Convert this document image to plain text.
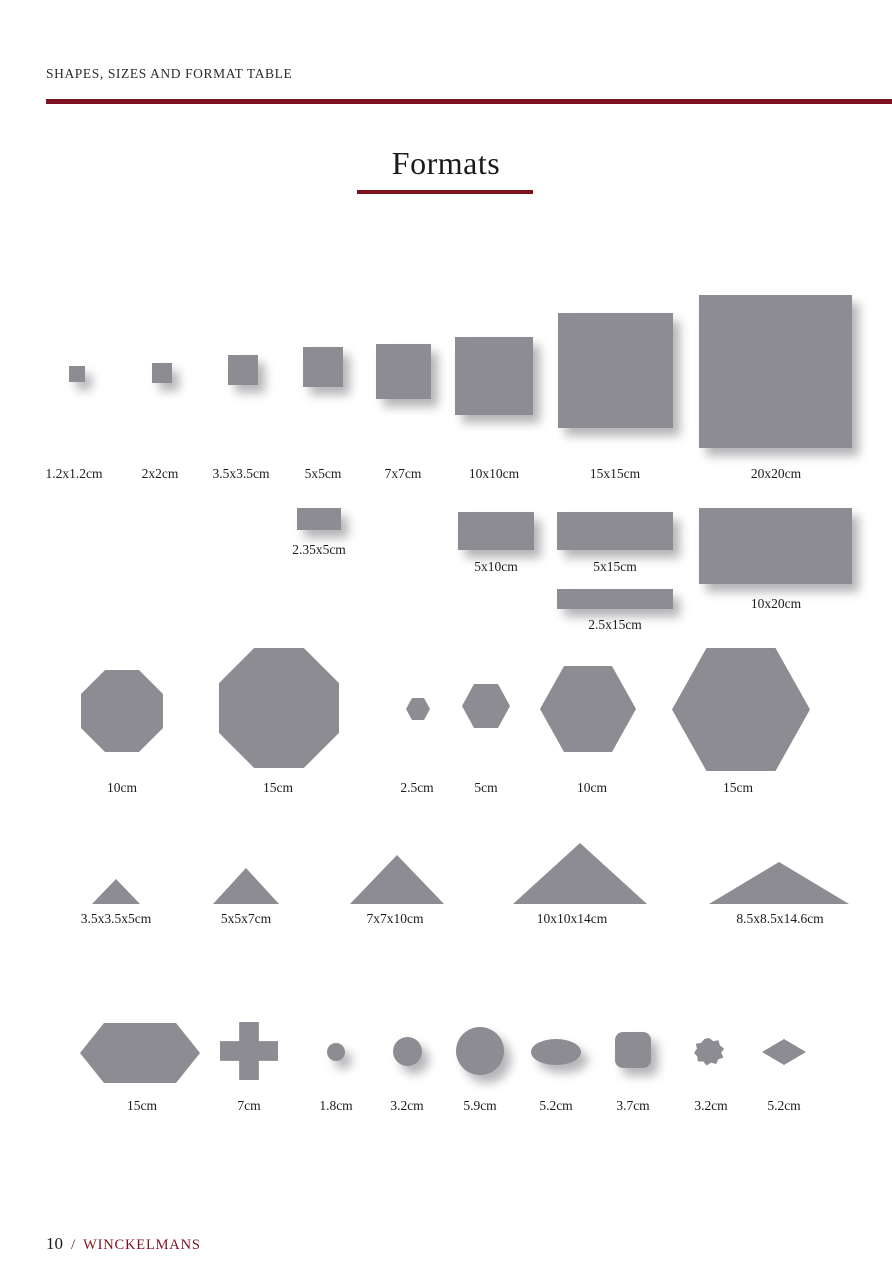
SHAPES, SIZES AND FORMAT TABLE
Formats
1.2x1.2cm	2x2cm	3.5x3.5cm	5x5cm	7x7cm	10x10cm	15x15cm	20x20cm
2.35x5cm
5x10cm	5x15cm
2.5x15cm
10x20cm
10cm	15cm	2.5cm	5cm	10cm	15cm
3.5x3.5x5cm	5x5x7cm	7x7x10cm	10x10x14cm	8.5x8.5x14.6cm
15cm	7cm	1.8cm	3.2cm	5.9cm	5.2cm	3.7cm	3.2cm	5.2cm
10 / WINCKELMANS
